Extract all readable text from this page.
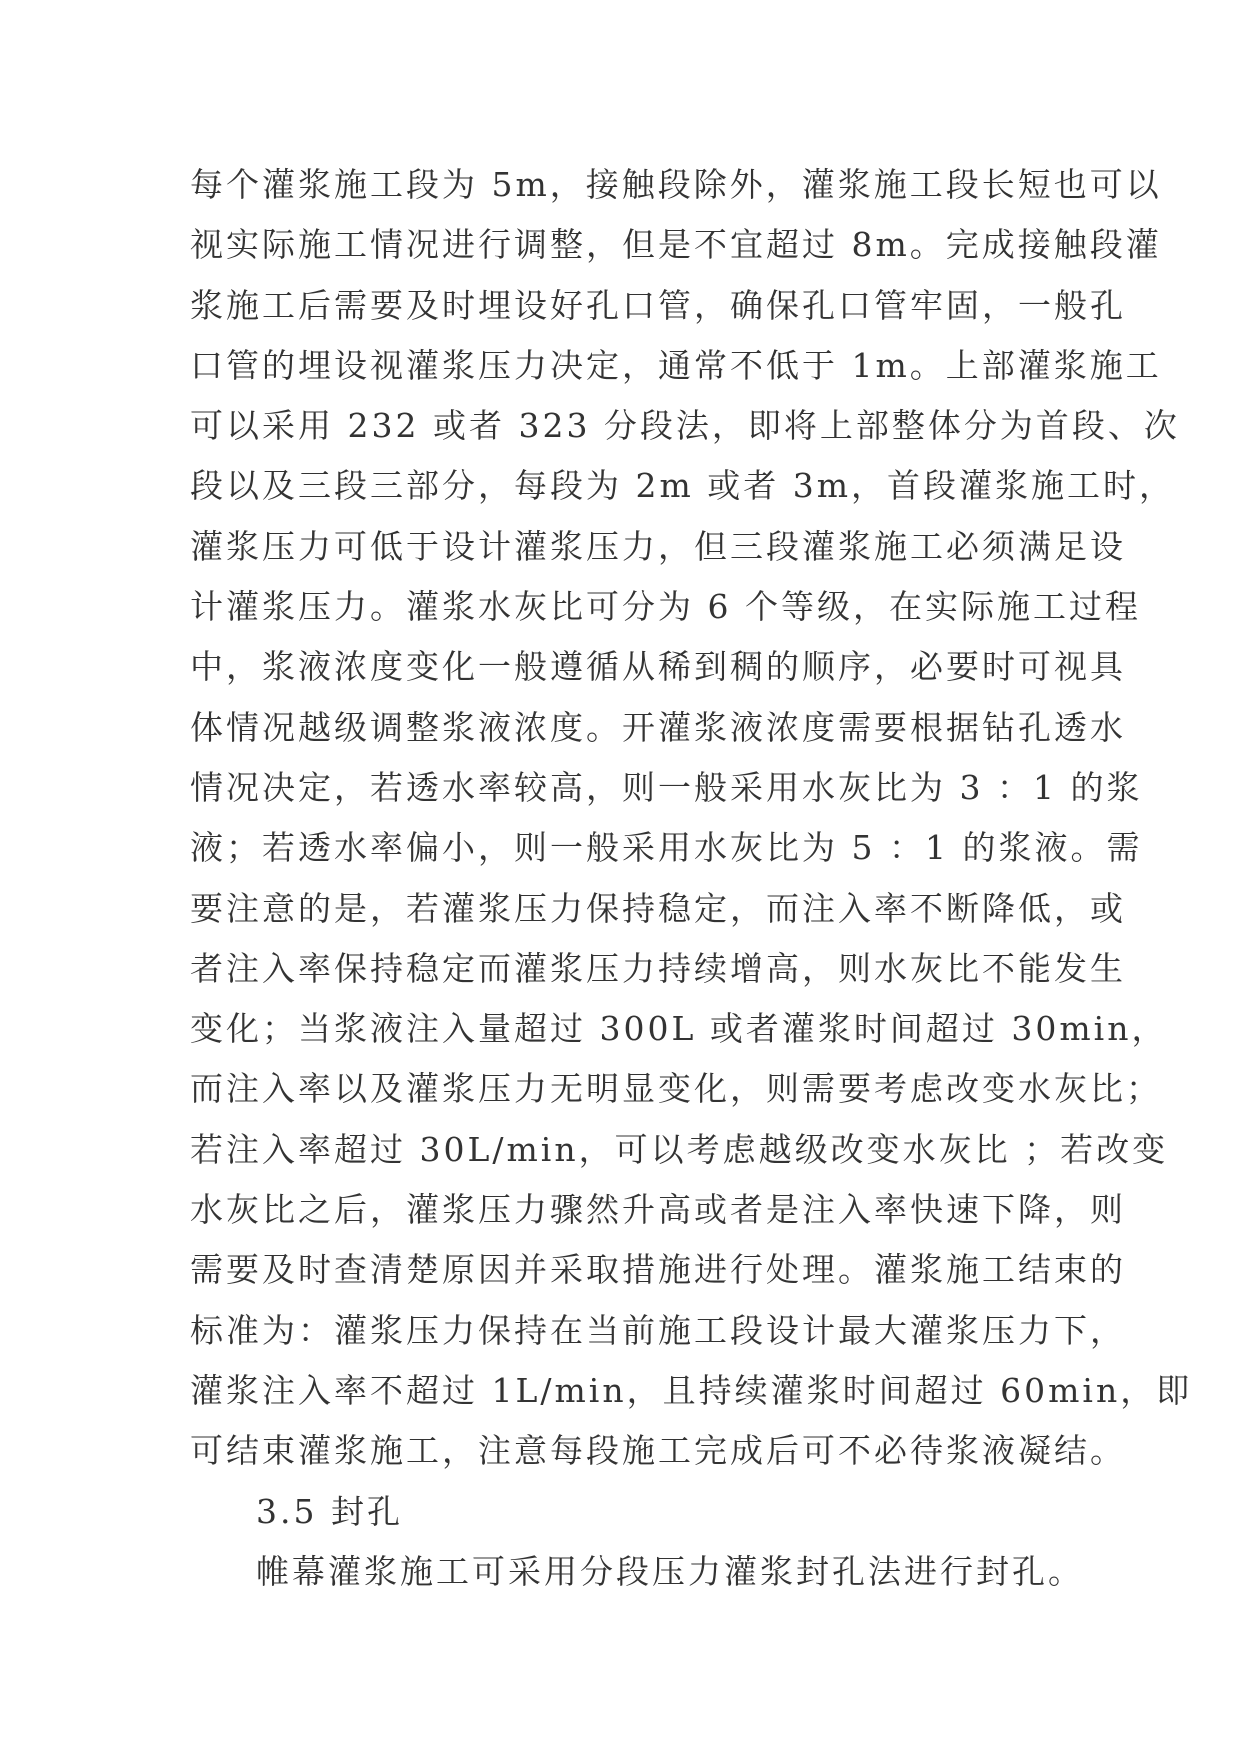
每个灌浆施工段为 5m，接触段除外，灌浆施工段长短也可以
视实际施工情况进行调整，但是不宜超过 8m。完成接触段灌
浆施工后需要及时埋设好孔口管，确保孔口管牢固，一般孔
口管的埋设视灌浆压力决定，通常不低于 1m。上部灌浆施工
可以采用 232 或者 323 分段法，即将上部整体分为首段、次
段以及三段三部分，每段为 2m 或者 3m，首段灌浆施工时，
灌浆压力可低于设计灌浆压力，但三段灌浆施工必须满足设
计灌浆压力。灌浆水灰比可分为 6 个等级，在实际施工过程
中，浆液浓度变化一般遵循从稀到稠的顺序，必要时可视具
体情况越级调整浆液浓度。开灌浆液浓度需要根据钻孔透水
情况决定，若透水率较高，则一般采用水灰比为 3 ：1 的浆
液；若透水率偏小，则一般采用水灰比为 5 ：1 的浆液。需
要注意的是，若灌浆压力保持稳定，而注入率不断降低，或
者注入率保持稳定而灌浆压力持续增高，则水灰比不能发生
变化；当浆液注入量超过 300L 或者灌浆时间超过 30min，
而注入率以及灌浆压力无明显变化，则需要考虑改变水灰比；
若注入率超过 30L/min，可以考虑越级改变水灰比 ；若改变
水灰比之后，灌浆压力骤然升高或者是注入率快速下降，则
需要及时查清楚原因并采取措施进行处理。灌浆施工结束的
标准为：灌浆压力保持在当前施工段设计最大灌浆压力下，
灌浆注入率不超过 1L/min，且持续灌浆时间超过 60min，即
可结束灌浆施工，注意每段施工完成后可不必待浆液凝结。
3.5 封孔
帷幕灌浆施工可采用分段压力灌浆封孔法进行封孔。
